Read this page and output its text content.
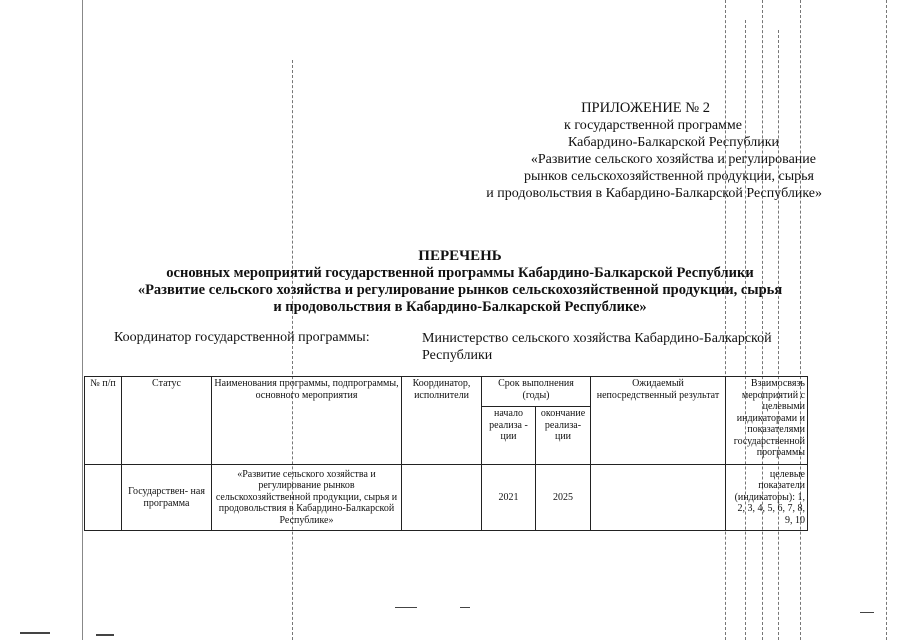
ПРИЛОЖЕНИЕ № 2
к государственной программе
Кабардино-Балкарской Республики
«Развитие сельского хозяйства и регулирование
рынков сельскохозяйственной продукции, сырья
и продовольствия в Кабардино-Балкарской Республике»
ПЕРЕЧЕНЬ
основных мероприятий государственной программы Кабардино-Балкарской Республики
«Развитие сельского хозяйства и регулирование рынков сельскохозяйственной продукции, сырья
и продовольствия в Кабардино-Балкарской Республике»
Координатор государственной программы:	Министерство сельского хозяйства Кабардино-Балкарской Республики
№ п/п	Статус	Наименования программы, подпрограммы, основного мероприятия	Координатор, исполнители	Срок выполнения (годы)		Ожидаемый непосредственный результат	Взаимосвязь мероприятий с целевыми индикаторами и показателями государственной программы
				начало реализа - ции	окончание реализа- ции		
	Государствен- ная программа	«Развитие сельского хозяйства и регулирование рынков сельскохозяйственной продукции, сырья и продовольствия в Кабардино-Балкарской Республике»		2021	2025		целевые показатели (индикаторы): 1, 2, 3, 4, 5, 6, 7, 8, 9, 10
